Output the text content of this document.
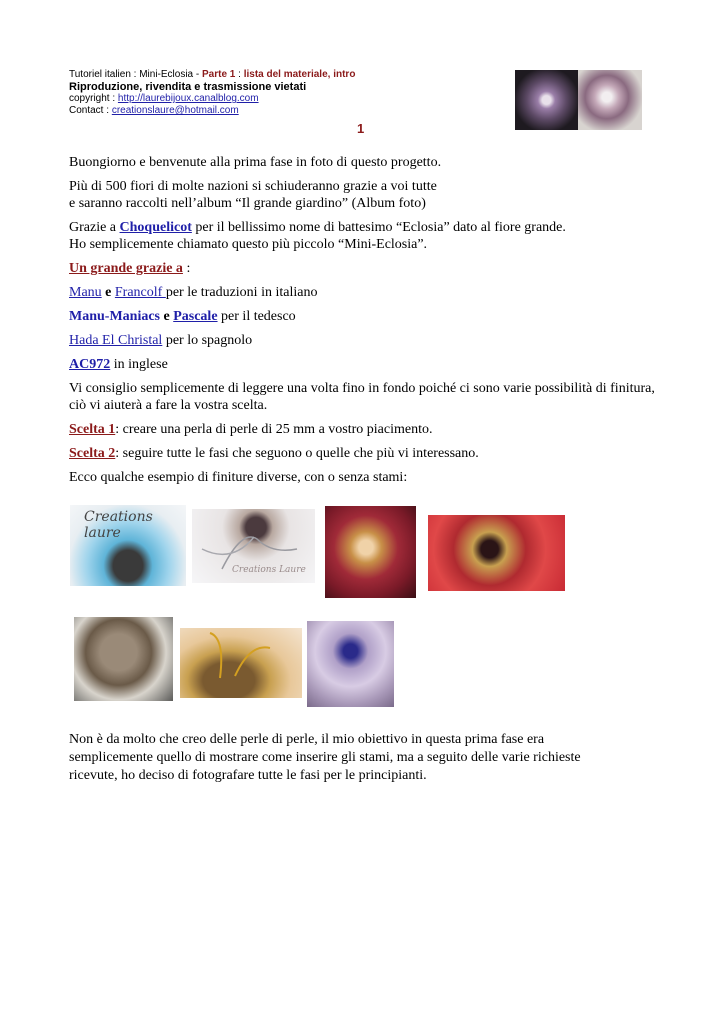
Tutoriel italien : Mini-Eclosia - Parte 1 : lista del materiale, intro
Riproduzione, rivendita e trasmissione vietati
copyright : http://laurebijoux.canalblog.com
Contact : creationslaure@hotmail.com
1

Buongiorno e benvenute alla prima fase in foto di questo progetto.

Più di 500 fiori di molte nazioni si schiuderanno grazie a voi tutte
e saranno raccolti nell’album “Il grande giardino” (Album foto)

Grazie a Choquelicot per il bellissimo nome di battesimo “Eclosia” dato al fiore grande.
Ho semplicemente chiamato questo più piccolo “Mini-Eclosia”.

Un grande grazie a :

Manu e Francolf per le traduzioni in italiano

Manu-Maniacs e Pascale per il tedesco

Hada El Christal per lo spagnolo

AC972 in inglese

Vi consiglio semplicemente di leggere una volta fino in fondo poiché ci sono varie possibilità di finitura, ciò vi aiuterà a fare la vostra scelta.

Scelta 1: creare una perla di perle di 25 mm a vostro piacimento.

Scelta 2: seguire tutte le fasi che seguono o quelle che più vi interessano.

Ecco qualche esempio di finiture diverse, con o senza stami:

Creations laure
Creations Laure
Non è da molto che creo delle perle di perle, il mio obiettivo in questa prima fase era semplicemente quello di mostrare come inserire gli stami, ma a seguito delle varie richieste ricevute, ho deciso di fotografare tutte le fasi per le principianti.
